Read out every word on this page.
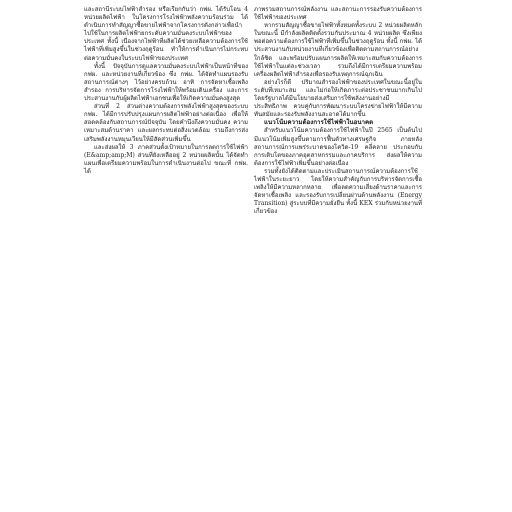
และสถานีระบบไฟฟ้าสำรอง หรือเรียกกันว่า กฟผ. ได้รับโอน 4 หน่วยผลิตไฟฟ้า ในโครงการโรงไฟฟ้าพลังความร้อนร่วม ได้ดำเนินการทำสัญญาซื้อขายไฟฟ้าจากโครงการดังกล่าวเพื่อนำไปใช้ในการผลิตไฟฟ้ายกระดับความมั่นคงระบบไฟฟ้าของประเทศ ทั้งนี้ เนื่องจากไฟฟ้าที่ผลิตได้ช่วยเหลือความต้องการใช้ไฟฟ้าที่เพิ่มสูงขึ้นในช่วงฤดูร้อน ทำให้การดำเนินการไม่กระทบต่อความมั่นคงในระบบไฟฟ้าของประเทศ

ทั้งนี้ ปัจจุบันการดูแลความมั่นคงระบบไฟฟ้าเป็นหน้าที่ของ กฟผ. และหน่วยงานที่เกี่ยวข้อง ซึ่ง กฟผ. ได้จัดทำแผนรองรับสถานการณ์ต่างๆ ไว้อย่างครบถ้วน อาทิ การจัดหาเชื้อเพลิงสำรอง การบริหารจัดการโรงไฟฟ้าให้พร้อมเดินเครื่อง และการประสานงานกับผู้ผลิตไฟฟ้าเอกชนเพื่อให้เกิดความมั่นคงสูงสุด

ส่วนที่ 2 ส่วนต่างความต้องการพลังไฟฟ้าสูงสุดของระบบ กฟผ. ได้มีการปรับปรุงแผนการผลิตไฟฟ้าอย่างต่อเนื่อง เพื่อให้สอดคล้องกับสถานการณ์ปัจจุบัน โดยคำนึงถึงความมั่นคง ความเหมาะสมด้านราคา และผลกระทบต่อสิ่งแวดล้อม รวมถึงการส่งเสริมพลังงานหมุนเวียนให้มีสัดส่วนเพิ่มขึ้น

และส่งผลให้ 3 ภาคส่วนตั้งเป้าหมายในการลดการใช้ไฟฟ้า (E&amp;amp;M) ส่วนที่ยังเหลืออยู่ 2 หน่วยผลิตนั้น ได้จัดทำแผนเพื่อเตรียมความพร้อมในการดำเนินงานต่อไป ขณะที่ กฟผ. ได้

ภาพรวมสถานการณ์พลังงาน และสถานะการรองรับความต้องการใช้ไฟฟ้าของประเทศ

หากรวมสัญญาซื้อขายไฟฟ้าทั้งหมดทั้งระบบ 2 หน่วยผลิตหลักในขณะนี้ มีกำลังผลิตติดตั้งรวมกันประมาณ 4 หน่วยผลิต ซึ่งเพียงพอต่อความต้องการใช้ไฟฟ้าที่เพิ่มขึ้นในช่วงฤดูร้อน ทั้งนี้ กฟผ. ได้ประสานงานกับหน่วยงานที่เกี่ยวข้องเพื่อติดตามสถานการณ์อย่างใกล้ชิด และพร้อมปรับแผนการผลิตให้เหมาะสมกับความต้องการใช้ไฟฟ้าในแต่ละช่วงเวลา รวมถึงได้มีการเตรียมความพร้อมเครื่องผลิตไฟฟ้าสำรองเพื่อรองรับเหตุการณ์ฉุกเฉิน

อย่างไรก็ดี ปริมาณสำรองไฟฟ้าของประเทศในขณะนี้อยู่ในระดับที่เหมาะสม และไม่ก่อให้เกิดภาระต่อประชาชนมากเกินไป โดยรัฐบาลได้มีนโยบายส่งเสริมการใช้พลังงานอย่างมีประสิทธิภาพ ควบคู่กับการพัฒนาระบบโครงข่ายไฟฟ้าให้มีความทันสมัยและรองรับพลังงานสะอาดได้มากขึ้น

แนวโน้มความต้องการใช้ไฟฟ้าในอนาคต

สำหรับแนวโน้มความต้องการใช้ไฟฟ้าในปี 2565 เป็นต้นไป มีแนวโน้มเพิ่มสูงขึ้นตามการฟื้นตัวทางเศรษฐกิจ ภายหลังสถานการณ์การแพร่ระบาดของโควิด-19 คลี่คลาย ประกอบกับการเติบโตของภาคอุตสาหกรรมและภาคบริการ ส่งผลให้ความต้องการใช้ไฟฟ้าเพิ่มขึ้นอย่างต่อเนื่อง

รวมทั้งยังได้ติดตามและประเมินสถานการณ์ความต้องการใช้ไฟฟ้าในระยะยาว โดยให้ความสำคัญกับการบริหารจัดการเชื้อเพลิงให้มีความหลากหลาย เพื่อลดความเสี่ยงด้านราคาและการจัดหาเชื้อเพลิง และรองรับการเปลี่ยนผ่านด้านพลังงาน (Energy Transition) สู่ระบบที่มีความยั่งยืน ทั้งนี้ KEX ร่วมกับหน่วยงานที่เกี่ยวข้อง
